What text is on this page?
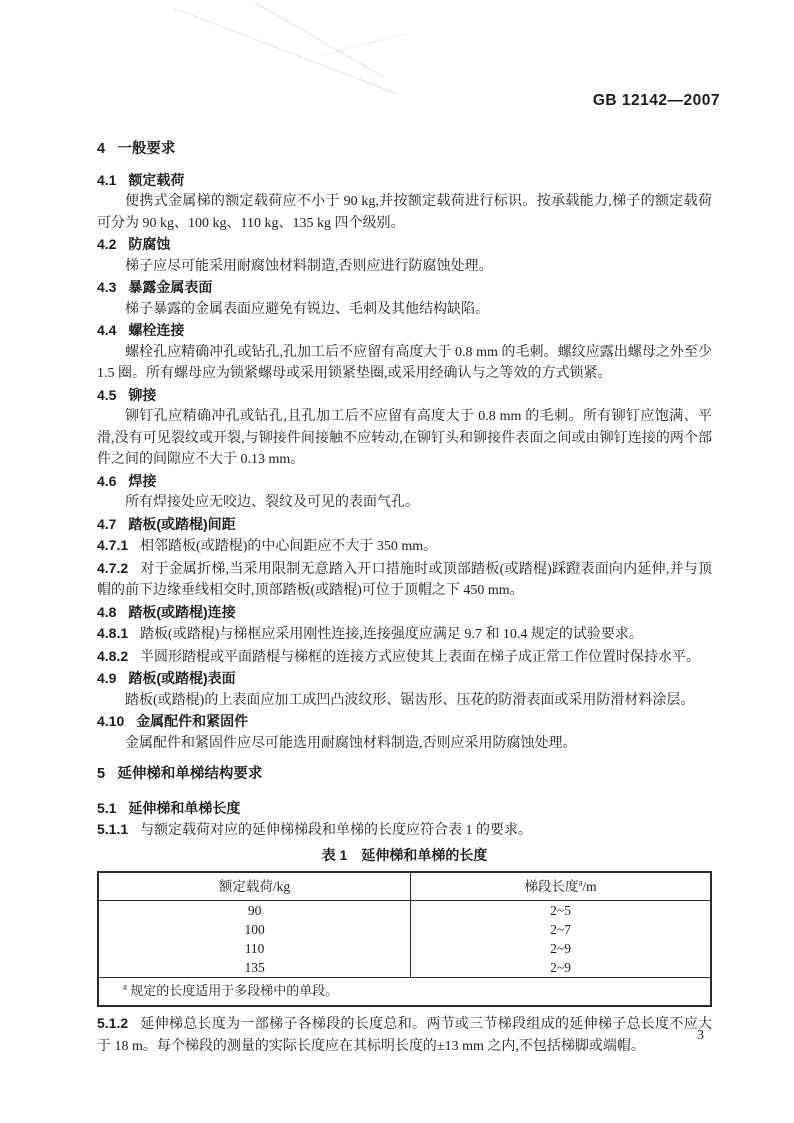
GB 12142—2007
4 一般要求
4.1 额定载荷

便携式金属梯的额定载荷应不小于 90 kg,并按额定载荷进行标识。按承载能力,梯子的额定载荷可分为 90 kg、100 kg、110 kg、135 kg 四个级别。

4.2 防腐蚀

梯子应尽可能采用耐腐蚀材料制造,否则应进行防腐蚀处理。

4.3 暴露金属表面

梯子暴露的金属表面应避免有锐边、毛刺及其他结构缺陷。

4.4 螺栓连接

螺栓孔应精确冲孔或钻孔,孔加工后不应留有高度大于 0.8 mm 的毛刺。螺纹应露出螺母之外至少 1.5 圈。所有螺母应为锁紧螺母或采用锁紧垫圈,或采用经确认与之等效的方式锁紧。

4.5 铆接

铆钉孔应精确冲孔或钻孔,且孔加工后不应留有高度大于 0.8 mm 的毛刺。所有铆钉应饱满、平滑,没有可见裂纹或开裂,与铆接件间接触不应转动,在铆钉头和铆接件表面之间或由铆钉连接的两个部件之间的间隙应不大于 0.13 mm。

4.6 焊接

所有焊接处应无咬边、裂纹及可见的表面气孔。

4.7 踏板(或踏棍)间距

4.7.1 相邻踏板(或踏棍)的中心间距应不大于 350 mm。

4.7.2 对于金属折梯,当采用限制无意踏入开口措施时或顶部踏板(或踏棍)踩蹬表面向内延伸,并与顶帽的前下边缘垂线相交时,顶部踏板(或踏棍)可位于顶帽之下 450 mm。

4.8 踏板(或踏棍)连接

4.8.1 踏板(或踏棍)与梯框应采用刚性连接,连接强度应满足 9.7 和 10.4 规定的试验要求。

4.8.2 半圆形踏棍或平面踏棍与梯框的连接方式应使其上表面在梯子成正常工作位置时保持水平。

4.9 踏板(或踏棍)表面

踏板(或踏棍)的上表面应加工成凹凸波纹形、锯齿形、压花的防滑表面或采用防滑材料涂层。

4.10 金属配件和紧固件

金属配件和紧固件应尽可能选用耐腐蚀材料制造,否则应采用防腐蚀处理。

5 延伸梯和单梯结构要求
5.1 延伸梯和单梯长度

5.1.1 与额定载荷对应的延伸梯梯段和单梯的长度应符合表 1 的要求。

表 1 延伸梯和单梯的长度

额定载荷/kg	梯段长度$^a$/m
90	2~5
100	2~7
110	2~9
135	2~9
$^a$ 规定的长度适用于多段梯中的单段。	

5.1.2 延伸梯总长度为一部梯子各梯段的长度总和。两节或三节梯段组成的延伸梯子总长度不应大于 18 m。每个梯段的测量的实际长度应在其标明长度的±13 mm 之内,不包括梯脚或端帽。

3
